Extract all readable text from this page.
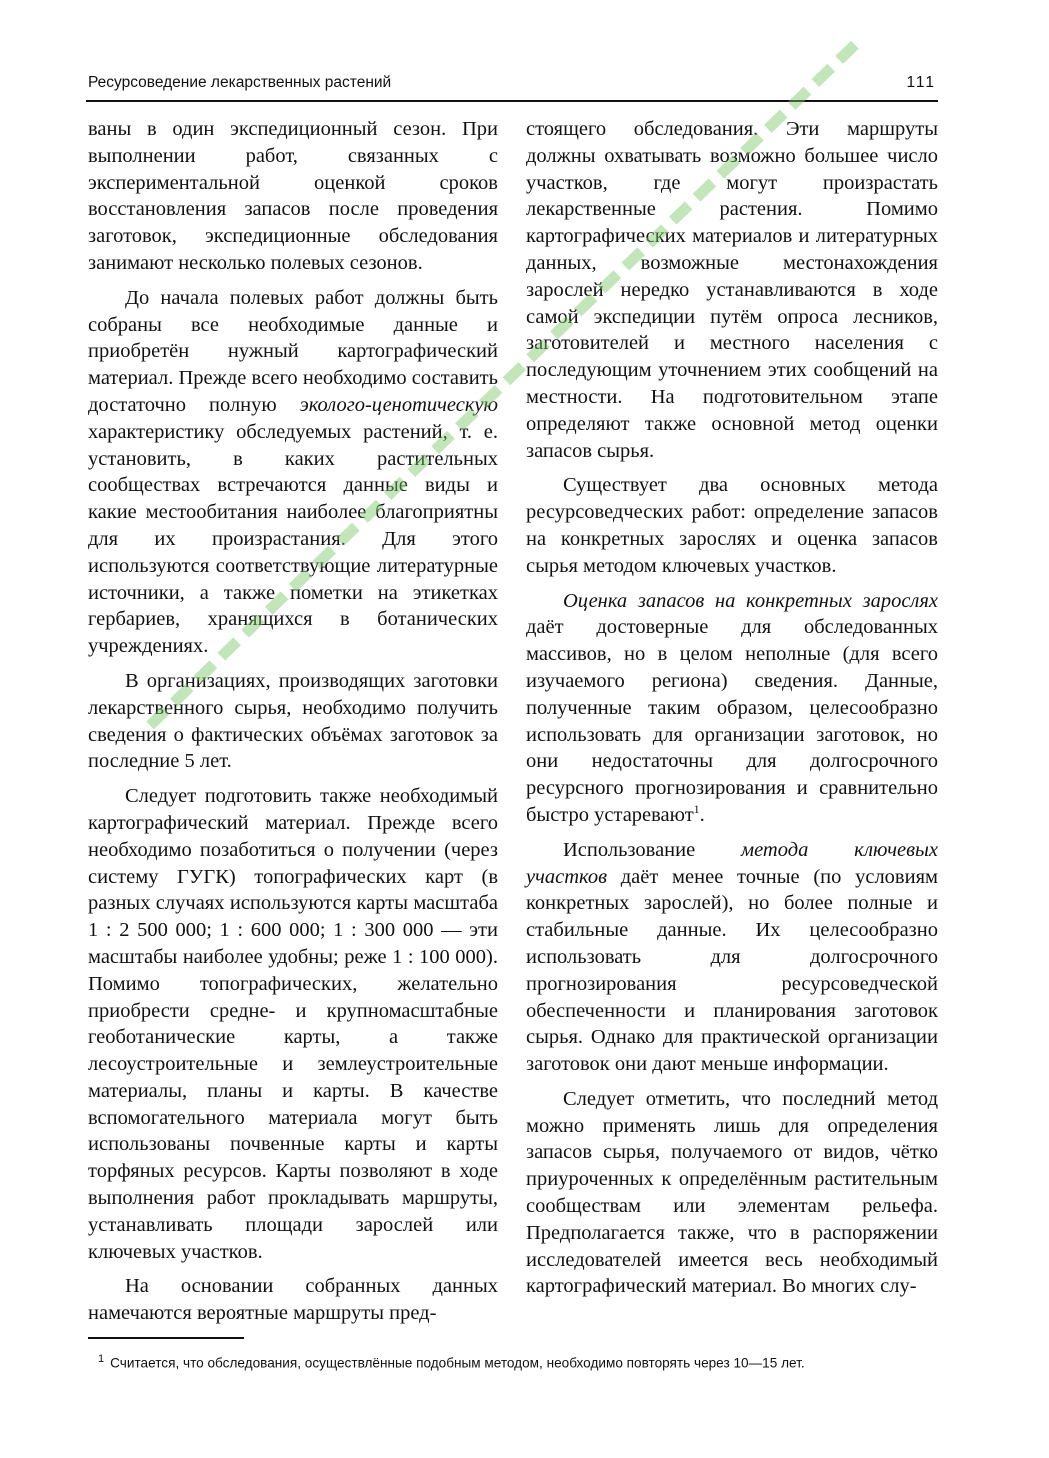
Ресурсоведение лекарственных растений	111

ваны в один экспедиционный сезон. При выполнении работ, связанных с экспериментальной оценкой сроков восстановления запасов после проведения заготовок, экспедиционные обследования занимают несколько полевых сезонов.

До начала полевых работ должны быть собраны все необходимые данные и приобретён нужный картографический материал. Прежде всего необходимо составить достаточно полную эколого-ценотическую характеристику обследуемых растений, т. е. установить, в каких растительных сообществах встречаются данные виды и какие местообитания наиболее благоприятны для их произрастания. Для этого используются соответствующие литературные источники, а также пометки на этикетках гербариев, хранящихся в ботанических учреждениях.

В организациях, производящих заготовки лекарственного сырья, необходимо получить сведения о фактических объёмах заготовок за последние 5 лет.

Следует подготовить также необходимый картографический материал. Прежде всего необходимо позаботиться о получении (через систему ГУГК) топографических карт (в разных случаях используются карты масштаба 1 : 2 500 000; 1 : 600 000; 1 : 300 000 — эти масштабы наиболее удобны; реже 1 : 100 000). Помимо топографических, желательно приобрести средне- и крупномасштабные геоботанические карты, а также лесоустроительные и землеустроительные материалы, планы и карты. В качестве вспомогательного материала могут быть использованы почвенные карты и карты торфяных ресурсов. Карты позволяют в ходе выполнения работ прокладывать маршруты, устанавливать площади зарослей или ключевых участков.

На основании собранных данных намечаются вероятные маршруты пред-

стоящего обследования. Эти маршруты должны охватывать возможно большее число участков, где могут произрастать лекарственные растения. Помимо картографических материалов и литературных данных, возможные местонахождения зарослей нередко устанавливаются в ходе самой экспедиции путём опроса лесников, заготовителей и местного населения с последующим уточнением этих сообщений на местности. На подготовительном этапе определяют также основной метод оценки запасов сырья.

Существует два основных метода ресурсоведческих работ: определение запасов на конкретных зарослях и оценка запасов сырья методом ключевых участков.

Оценка запасов на конкретных зарослях даёт достоверные для обследованных массивов, но в целом неполные (для всего изучаемого региона) сведения. Данные, полученные таким образом, целесообразно использовать для организации заготовок, но они недостаточны для долгосрочного ресурсного прогнозирования и сравнительно быстро устаревают$^1$.

Использование метода ключевых участков даёт менее точные (по условиям конкретных зарослей), но более полные и стабильные данные. Их целесообразно использовать для долгосрочного прогнозирования ресурсоведческой обеспеченности и планирования заготовок сырья. Однако для практической организации заготовок они дают меньше информации.

Следует отметить, что последний метод можно применять лишь для определения запасов сырья, получаемого от видов, чётко приуроченных к определённым растительным сообществам или элементам рельефа. Предполагается также, что в распоряжении исследователей имеется весь необходимый картографический материал. Во многих слу-

$^1$ Считается, что обследования, осуществлённые подобным методом, необходимо повторять через 10—15 лет.
